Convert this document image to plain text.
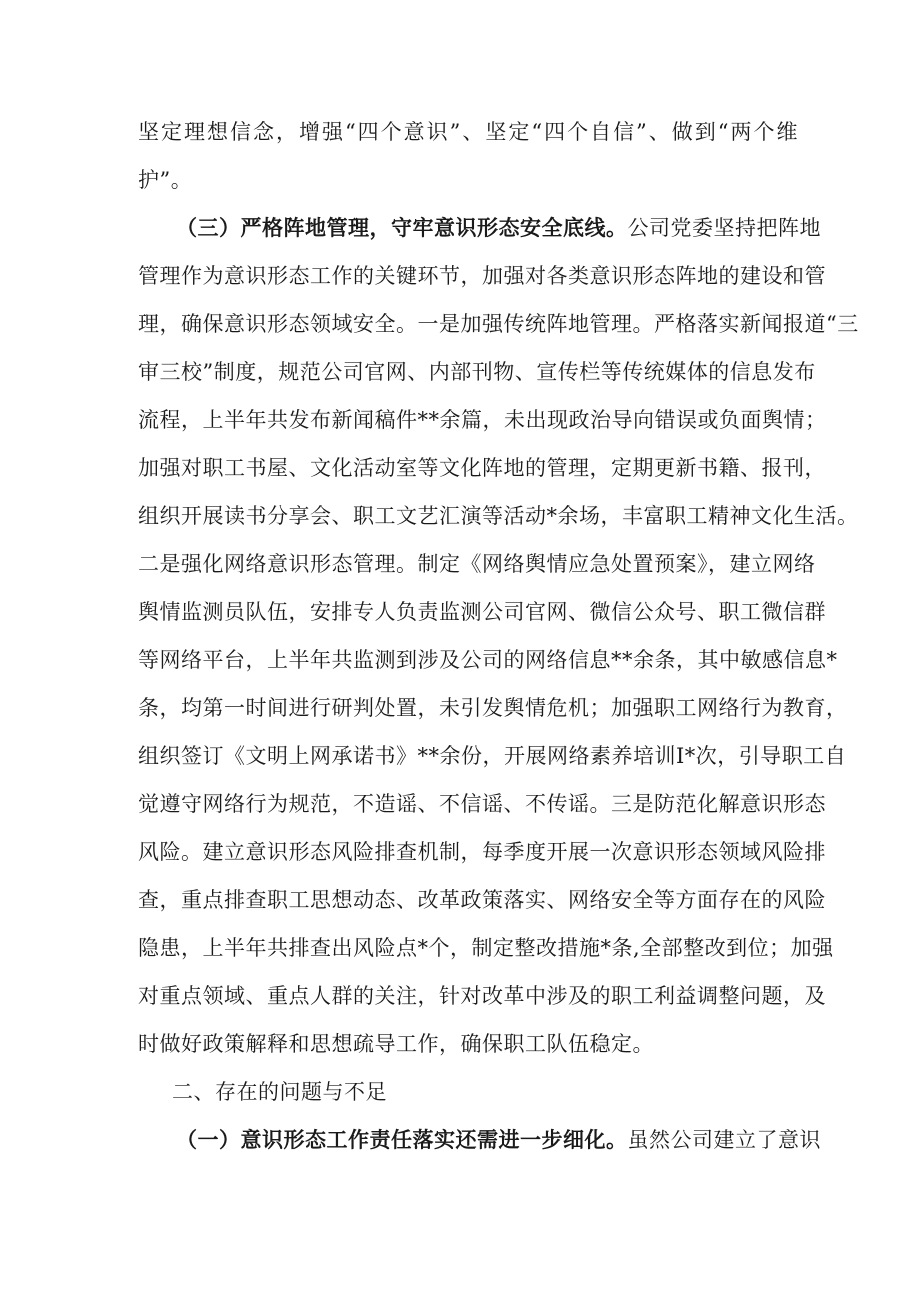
坚定理想信念，增强“四个意识”、坚定“四个自信”、做到“两个维
护”。
（三）严格阵地管理，守牢意识形态安全底线。公司党委坚持把阵地
管理作为意识形态工作的关键环节，加强对各类意识形态阵地的建设和管
理，确保意识形态领域安全。一是加强传统阵地管理。严格落实新闻报道“三
审三校”制度，规范公司官网、内部刊物、宣传栏等传统媒体的信息发布
流程，上半年共发布新闻稿件**余篇，未出现政治导向错误或负面舆情；
加强对职工书屋、文化活动室等文化阵地的管理，定期更新书籍、报刊，
组织开展读书分享会、职工文艺汇演等活动*余场，丰富职工精神文化生活。
二是强化网络意识形态管理。制定《网络舆情应急处置预案》，建立网络
舆情监测员队伍，安排专人负责监测公司官网、微信公众号、职工微信群
等网络平台，上半年共监测到涉及公司的网络信息**余条，其中敏感信息*
条，均第一时间进行研判处置，未引发舆情危机；加强职工网络行为教育，
组织签订《文明上网承诺书》**余份，开展网络素养培训I*次，引导职工自
觉遵守网络行为规范，不造谣、不信谣、不传谣。三是防范化解意识形态
风险。建立意识形态风险排查机制，每季度开展一次意识形态领域风险排
查，重点排查职工思想动态、改革政策落实、网络安全等方面存在的风险
隐患，上半年共排查出风险点*个，制定整改措施*条,全部整改到位；加强
对重点领域、重点人群的关注，针对改革中涉及的职工利益调整问题，及
时做好政策解释和思想疏导工作，确保职工队伍稳定。
二、存在的问题与不足
（一）意识形态工作责任落实还需进一步细化。虽然公司建立了意识
